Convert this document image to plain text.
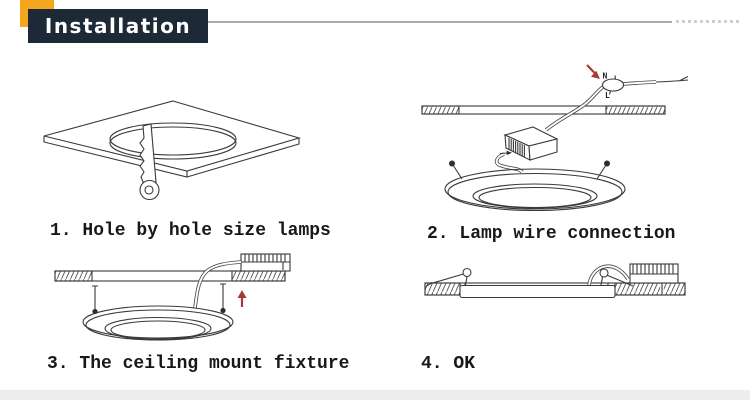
Installation
1. Hole by hole size lamps
N
L
2. Lamp wire connection
3. The ceiling mount fixture	4. OK
